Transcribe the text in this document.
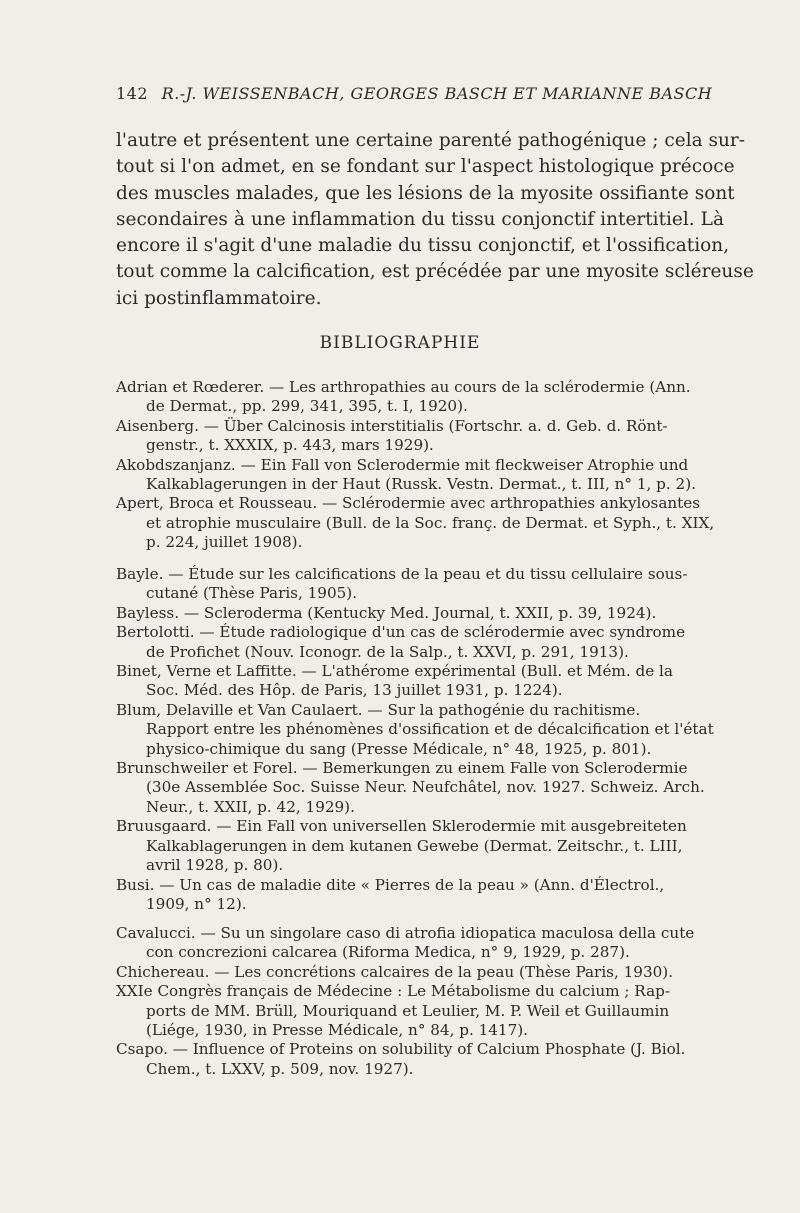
142 R.-J. WEISSENBACH, GEORGES BASCH ET MARIANNE BASCH
l'autre et présentent une certaine parenté pathogénique ; cela sur-
tout si l'on admet, en se fondant sur l'aspect histologique précoce
des muscles malades, que les lésions de la myosite ossifiante sont
secondaires à une inflammation du tissu conjonctif intertitiel. Là
encore il s'agit d'une maladie du tissu conjonctif, et l'ossification,
tout comme la calcification, est précédée par une myosite scléreuse
ici postinflammatoire.
BIBLIOGRAPHIE
Adrian et Rœderer. — Les arthropathies au cours de la sclérodermie (Ann.
de Dermat., pp. 299, 341, 395, t. I, 1920).
Aisenberg. — Über Calcinosis interstitialis (Fortschr. a. d. Geb. d. Rönt-
genstr., t. XXXIX, p. 443, mars 1929).
Akobdszanjanz. — Ein Fall von Sclerodermie mit fleckweiser Atrophie und
Kalkablagerungen in der Haut (Russk. Vestn. Dermat., t. III, n° 1, p. 2).
Apert, Broca et Rousseau. — Sclérodermie avec arthropathies ankylosantes
et atrophie musculaire (Bull. de la Soc. franç. de Dermat. et Syph., t. XIX,
p. 224, juillet 1908).
Bayle. — Étude sur les calcifications de la peau et du tissu cellulaire sous-
cutané (Thèse Paris, 1905).
Bayless. — Scleroderma (Kentucky Med. Journal, t. XXII, p. 39, 1924).
Bertolotti. — Étude radiologique d'un cas de sclérodermie avec syndrome
de Profichet (Nouv. Iconogr. de la Salp., t. XXVI, p. 291, 1913).
Binet, Verne et Laffitte. — L'athérome expérimental (Bull. et Mém. de la
Soc. Méd. des Hôp. de Paris, 13 juillet 1931, p. 1224).
Blum, Delaville et Van Caulaert. — Sur la pathogénie du rachitisme.
Rapport entre les phénomènes d'ossification et de décalcification et l'état
physico-chimique du sang (Presse Médicale, n° 48, 1925, p. 801).
Brunschweiler et Forel. — Bemerkungen zu einem Falle von Sclerodermie
(30e Assemblée Soc. Suisse Neur. Neufchâtel, nov. 1927. Schweiz. Arch.
Neur., t. XXII, p. 42, 1929).
Bruusgaard. — Ein Fall von universellen Sklerodermie mit ausgebreiteten
Kalkablagerungen in dem kutanen Gewebe (Dermat. Zeitschr., t. LIII,
avril 1928, p. 80).
Busi. — Un cas de maladie dite « Pierres de la peau » (Ann. d'Électrol.,
1909, n° 12).
Cavalucci. — Su un singolare caso di atrofia idiopatica maculosa della cute
con concrezioni calcarea (Riforma Medica, n° 9, 1929, p. 287).
Chichereau. — Les concrétions calcaires de la peau (Thèse Paris, 1930).
XXIe Congrès français de Médecine : Le Métabolisme du calcium ; Rap-
ports de MM. Brüll, Mouriquand et Leulier, M. P. Weil et Guillaumin
(Liége, 1930, in Presse Médicale, n° 84, p. 1417).
Csapo. — Influence of Proteins on solubility of Calcium Phosphate (J. Biol.
Chem., t. LXXV, p. 509, nov. 1927).
